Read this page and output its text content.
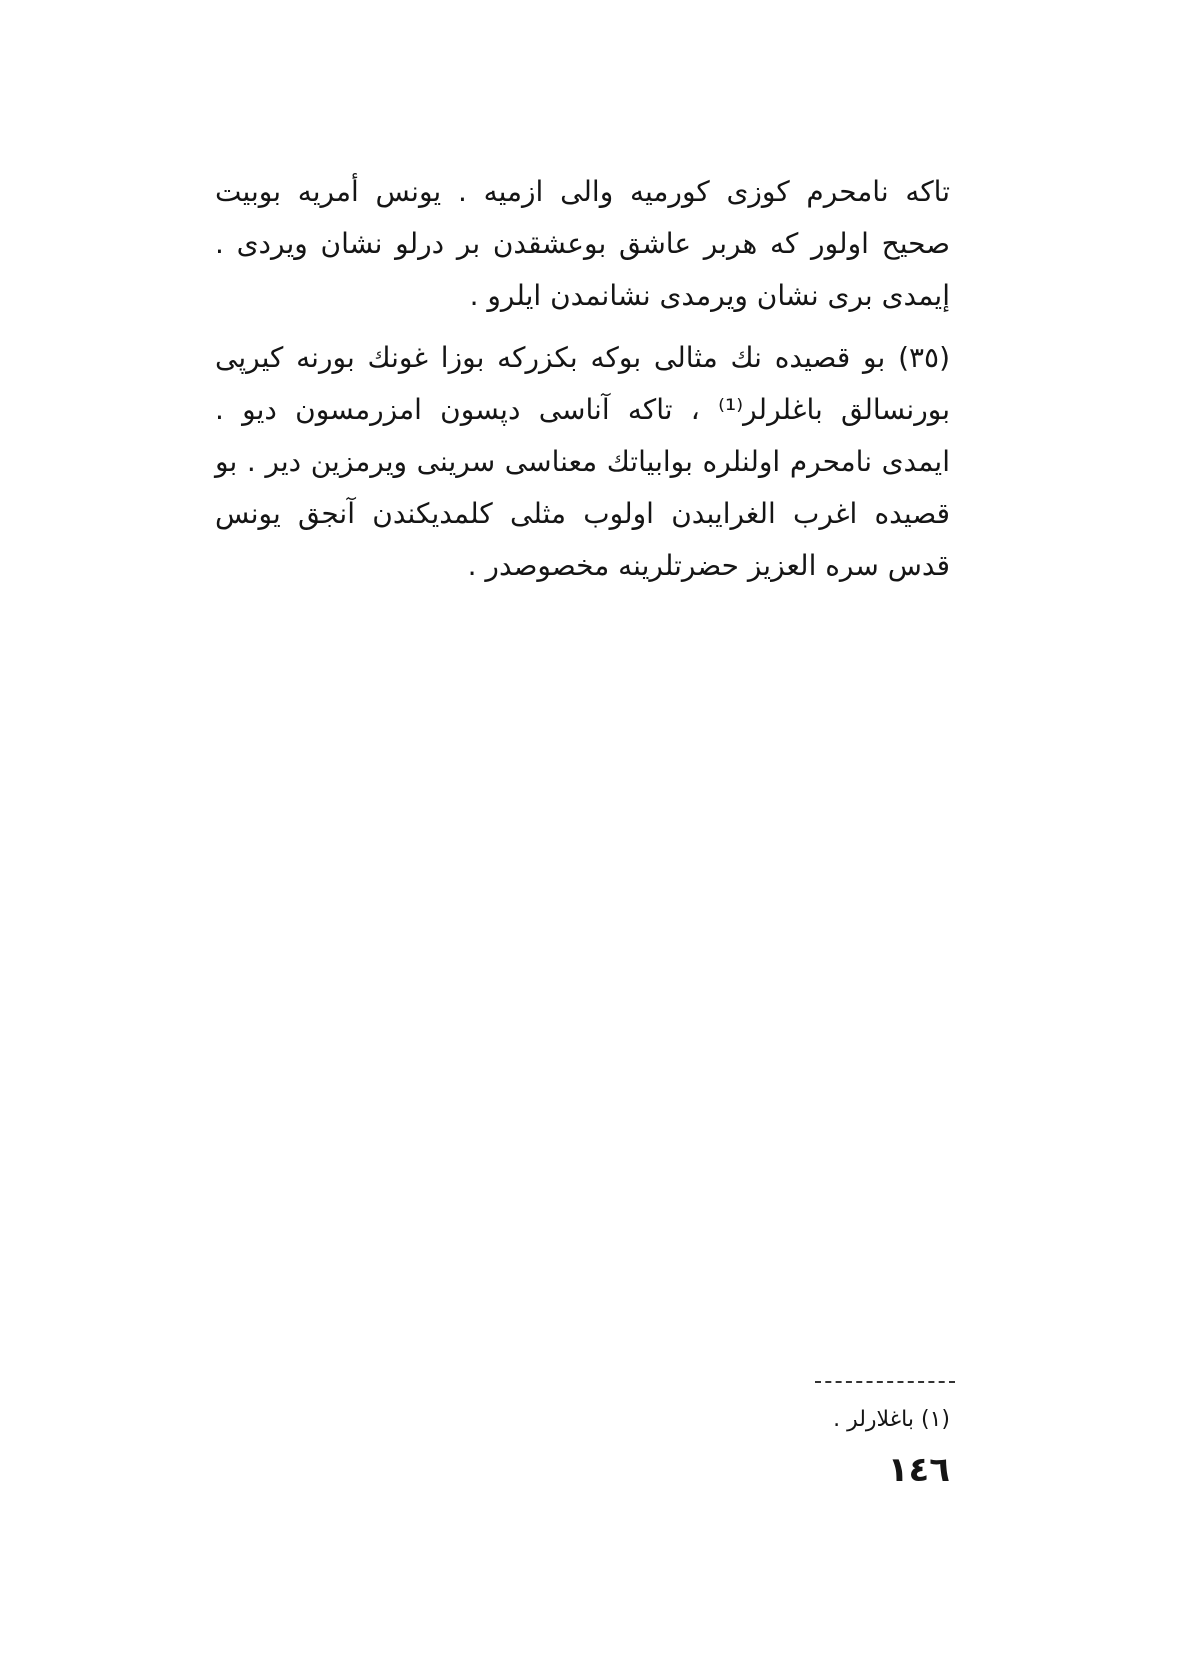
تاكه نامحرم كوزى كورميه والى ازميه . يونس أمريه بوبيت صحيح اولور كه هربر عاشق بوعشقدن بر درلو نشان ويردى . إيمدى برى نشان ويرمدى نشانمدن ايلرو .

(٣٥) بو قصيده نك مثالى بوكه بكزركه بوزا غونك بورنه كيرپى بورنسالق باغلرلر⁽¹⁾ ، تاكه آناسى دپسون امزرمسون ديو . ايمدى نامحرم اولنلره بوابياتك معناسى سرينى ويرمزين دير . بو قصيده اغرب الغرايبدن اولوب مثلى كلمديكندن آنجق يونس قدس سره العزيز حضرتلرينه مخصوصدر .

(١) باغلارلر .
١٤٦
